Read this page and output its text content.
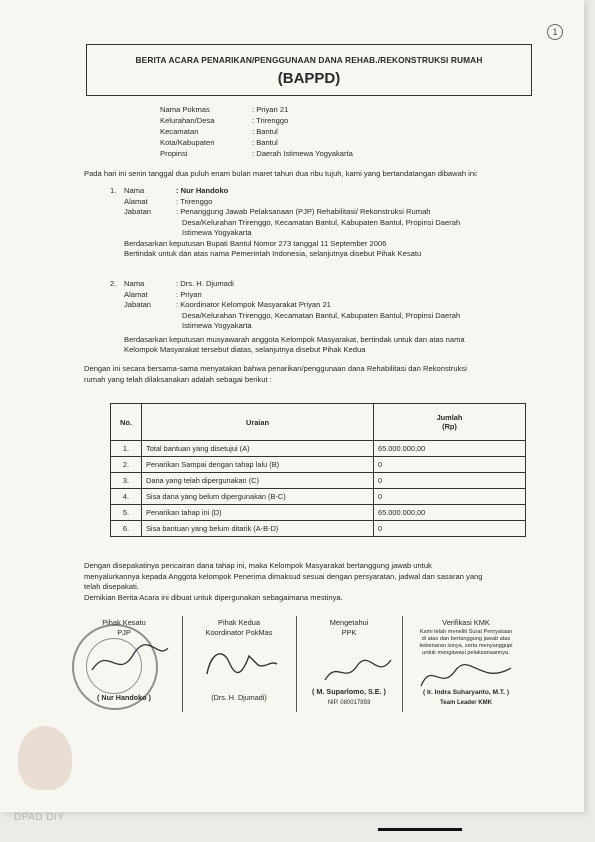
1
BERITA ACARA PENARIKAN/PENGGUNAAN DANA REHAB./REKONSTRUKSI RUMAH
(BAPPD)
Nama Pokmas	: Priyan 21
Kelurahan/Desa	: Trirenggo
Kecamatan	: Bantul
Kota/Kabupaten	: Bantul
Propinsi	: Daerah Istimewa Yogyakarta
Pada hari ini senin tanggal dua puluh enam bulan maret tahun dua ribu tujuh, kami yang bertandatangan dibawah ini:
1.	Nama	: Nur Handoko
Alamat	: Trirenggo
Jabatan	: Penanggung Jawab Pelaksanaan (PJP) Rehabilitasi/ Rekonstruksi Rumah
Desa/Kelurahan Trirenggo, Kecamatan Bantul, Kabupaten Bantul, Propinsi Daerah
Istimewa Yogyakarta
Berdasarkan keputusan Bupati Bantul Nomor 273 tanggal 11 September 2006
Bertindak untuk dan atas nama Pemerintah Indonesia, selanjutnya disebut Pihak Kesatu
2.	Nama	: Drs. H. Djumadi
Alamat	: Priyan
Jabatan	: Koordinator Kelompok Masyarakat Priyan 21
Desa/Kelurahan Trirenggo, Kecamatan Bantul, Kabupaten Bantul, Propinsi Daerah
Istimewa Yogyakarta
Berdasarkan keputusan musyawarah anggota Kelompok Masyarakat, bertindak untuk dan atas nama
Kelompok Masyarakat tersebut diatas, selanjutnya disebut Pihak Kedua
Dengan ini secara bersama-sama menyatakan bahwa penarikan/penggunaan dana Rehabilitasi dan Rekonstruksi
rumah yang telah dilaksanakan adalah sebagai berikut :
No.	Uraian	Jumlah
(Rp)

1.	Total bantuan yang disetujui (A)	65.000.000,00
2.	Penarikan Sampai dengan tahap lalu (B)	0
3.	Dana yang telah dipergunakan (C)	0
4.	Sisa dana yang belum dipergunakan (B-C)	0
5.	Penarikan tahap ini (D)	65.000.000,00
6.	Sisa bantuan yang belum ditarik (A-B-D)	0
Dengan disepakatinya pencairan dana tahap ini, maka Kelompok Masyarakat bertanggung jawab untuk
menyalurkannya kepada Anggota kelompok Penerima dimaksud sesuai dengan persyaratan, jadwal dan sasaran yang
telah disepakati.
Demikian Berita Acara ini dibuat untuk dipergunakan sebagaimana mestinya.
Pihak Kesatu
PJP
( Nur Handoko )
Pihak Kedua
Koordinator PokMas
(Drs. H. Djumadi)
Mengetahui
PPK
( M. Suparlomo, S.E. )
NIP. 080017893
Verifikasi KMK
Kami telah meneliti Surat Pernyataan
di atas dan bertanggung jawab atas
kebenaran isinya, serta menyanggupi
untuk mengawasi pelaksanaannya.
( Ir. Indra Suharyanto, M.T. )
Team Leader KMK
DPAD DIY
